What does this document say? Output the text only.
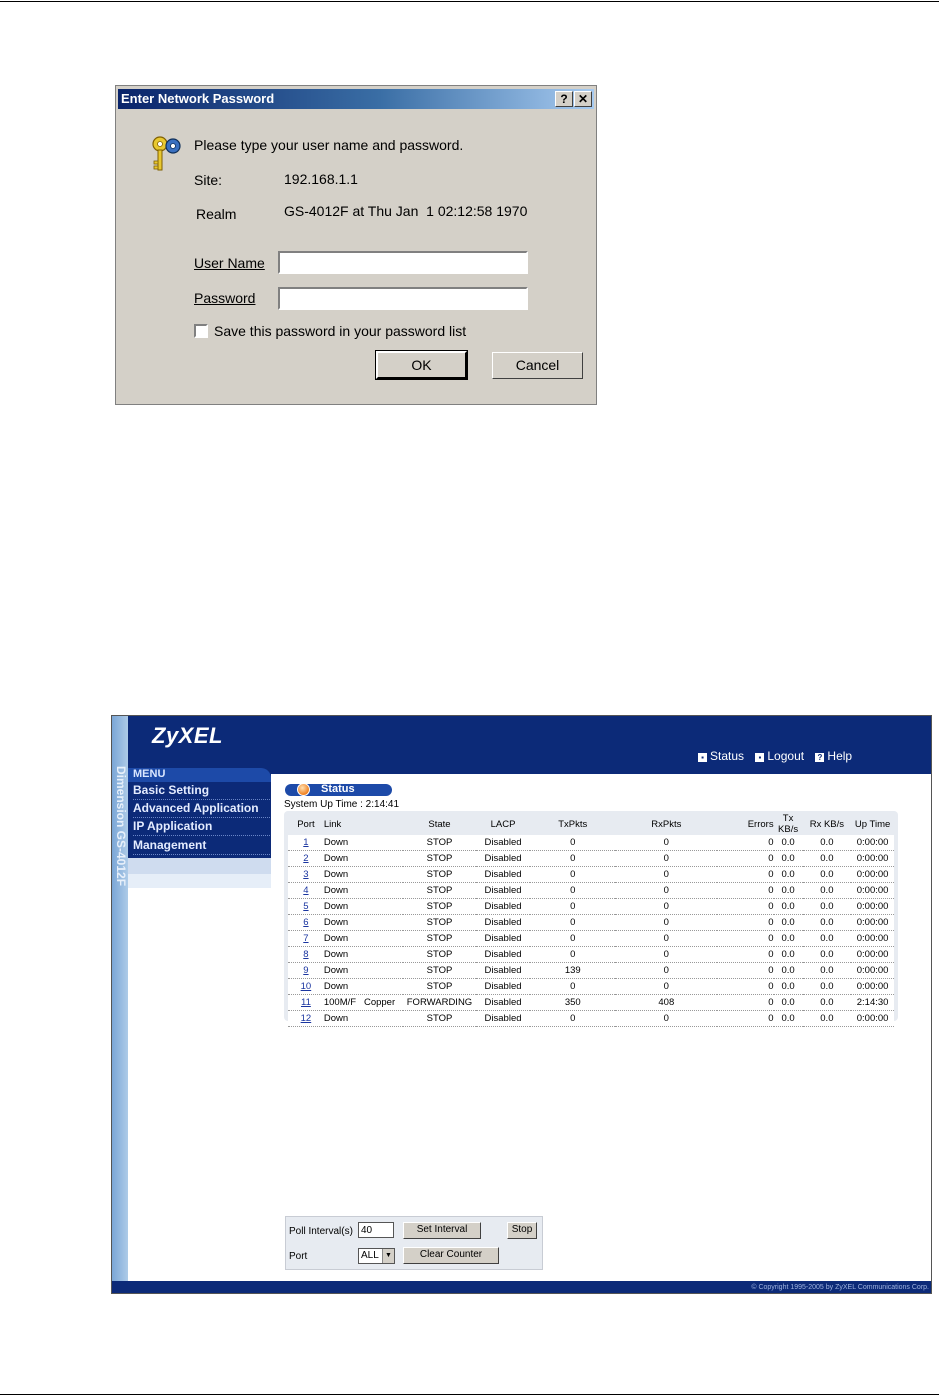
Enter Network Password	? ✕
Please type your user name and password.
Site:	192.168.1.1
Realm	GS-4012F at Thu Jan  1 02:12:58 1970
User Name
Password
Save this password in your password list
OK	Cancel
Dimension GS-4012F
ZyXEL
▪ Status ▪ Logout ? Help
MENU
Basic Setting
Advanced Application
IP Application
Management
Status
System Up Time : 2:14:41
Port	Link	State	LACP	TxPkts	RxPkts	Errors	Tx KB/s	Rx KB/s	Up Time
1	Down	STOP	Disabled	0	0	0	0.0	0.0	0:00:00
2	Down	STOP	Disabled	0	0	0	0.0	0.0	0:00:00
3	Down	STOP	Disabled	0	0	0	0.0	0.0	0:00:00
4	Down	STOP	Disabled	0	0	0	0.0	0.0	0:00:00
5	Down	STOP	Disabled	0	0	0	0.0	0.0	0:00:00
6	Down	STOP	Disabled	0	0	0	0.0	0.0	0:00:00
7	Down	STOP	Disabled	0	0	0	0.0	0.0	0:00:00
8	Down	STOP	Disabled	0	0	0	0.0	0.0	0:00:00
9	Down	STOP	Disabled	139	0	0	0.0	0.0	0:00:00
10	Down	STOP	Disabled	0	0	0	0.0	0.0	0:00:00
11	100M/F   Copper	FORWARDING	Disabled	350	408	0	0.0	0.0	2:14:30
12	Down	STOP	Disabled	0	0	0	0.0	0.0	0:00:00
Poll Interval(s)
40	Set Interval	Stop
Port	ALL ▼	Clear Counter
© Copyright 1995-2005 by ZyXEL Communications Corp.
